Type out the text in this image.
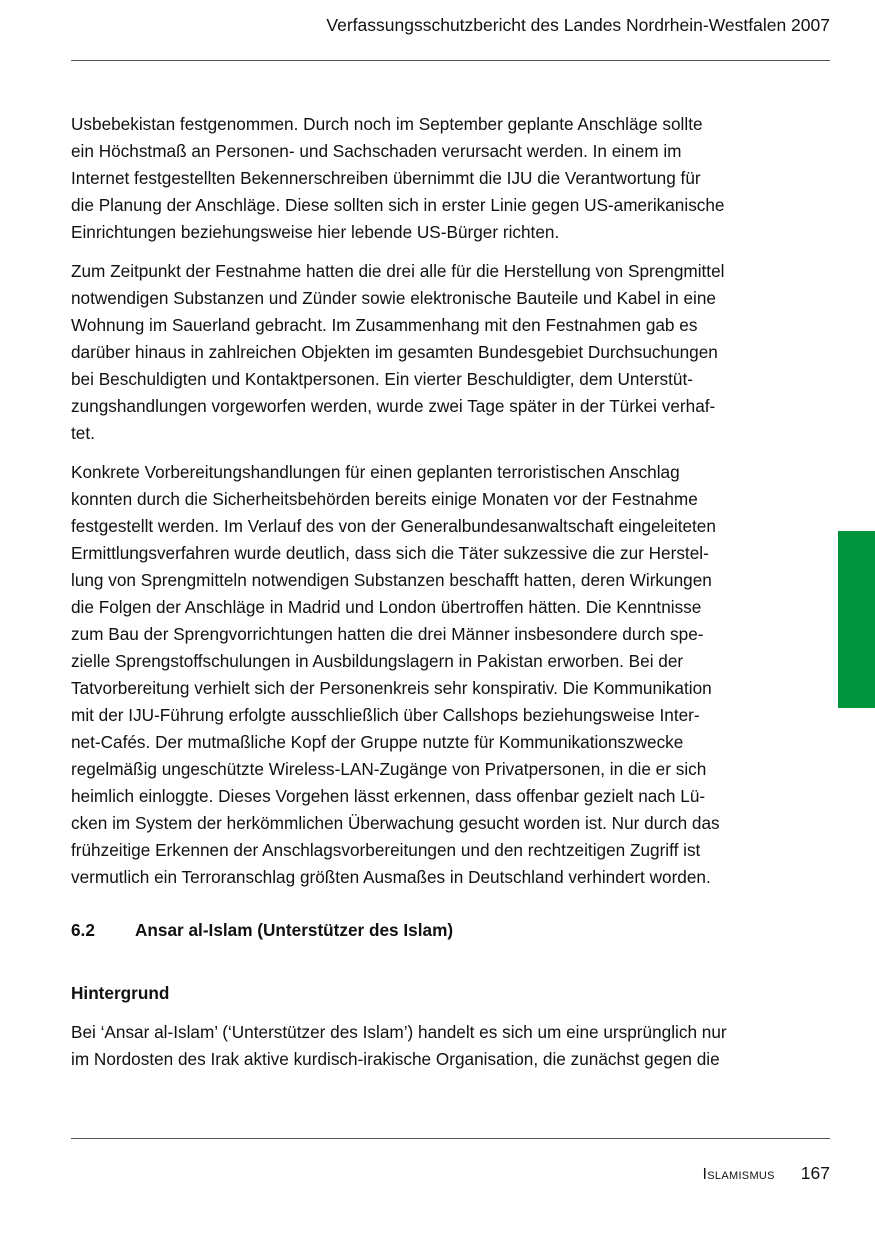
Verfassungsschutzbericht des Landes Nordrhein-Westfalen 2007

Usbebekistan festgenommen. Durch noch im September geplante Anschläge sollte
ein Höchstmaß an Personen- und Sachschaden verursacht werden. In einem im
Internet festgestellten Bekennerschreiben übernimmt die IJU die Verantwortung für
die Planung der Anschläge. Diese sollten sich in erster Linie gegen US-amerikanische
Einrichtungen beziehungsweise hier lebende US-Bürger richten.

Zum Zeitpunkt der Festnahme hatten die drei alle für die Herstellung von Sprengmittel
notwendigen Substanzen und Zünder sowie elektronische Bauteile und Kabel in eine
Wohnung im Sauerland gebracht. Im Zusammenhang mit den Festnahmen gab es
darüber hinaus in zahlreichen Objekten im gesamten Bundesgebiet Durchsuchungen
bei Beschuldigten und Kontaktpersonen. Ein vierter Beschuldigter, dem Unterstüt-
zungshandlungen vorgeworfen werden, wurde zwei Tage später in der Türkei verhaf-
tet.

Konkrete Vorbereitungshandlungen für einen geplanten terroristischen Anschlag
konnten durch die Sicherheitsbehörden bereits einige Monaten vor der Festnahme
festgestellt werden. Im Verlauf des von der Generalbundesanwaltschaft eingeleiteten
Ermittlungsverfahren wurde deutlich, dass sich die Täter sukzessive die zur Herstel-
lung von Sprengmitteln notwendigen Substanzen beschafft hatten, deren Wirkungen
die Folgen der Anschläge in Madrid und London übertroffen hätten. Die Kenntnisse
zum Bau der Sprengvorrichtungen hatten die drei Männer insbesondere durch spe-
zielle Sprengstoffschulungen in Ausbildungslagern in Pakistan erworben. Bei der
Tatvorbereitung verhielt sich der Personenkreis sehr konspirativ. Die Kommunikation
mit der IJU-Führung erfolgte ausschließlich über Callshops beziehungsweise Inter-
net-Cafés. Der mutmaßliche Kopf der Gruppe nutzte für Kommunikationszwecke
regelmäßig ungeschützte Wireless-LAN-Zugänge von Privatpersonen, in die er sich
heimlich einloggte. Dieses Vorgehen lässt erkennen, dass offenbar gezielt nach Lü-
cken im System der herkömmlichen Überwachung gesucht worden ist. Nur durch das
frühzeitige Erkennen der Anschlagsvorbereitungen und den rechtzeitigen Zugriff ist
vermutlich ein Terroranschlag größten Ausmaßes in Deutschland verhindert worden.

6.2	Ansar al-Islam (Unterstützer des Islam)
Hintergrund

Bei ‘Ansar al-Islam’ (‘Unterstützer des Islam’) handelt es sich um eine ursprünglich nur
im Nordosten des Irak aktive kurdisch-irakische Organisation, die zunächst gegen die

Islamismus 167
